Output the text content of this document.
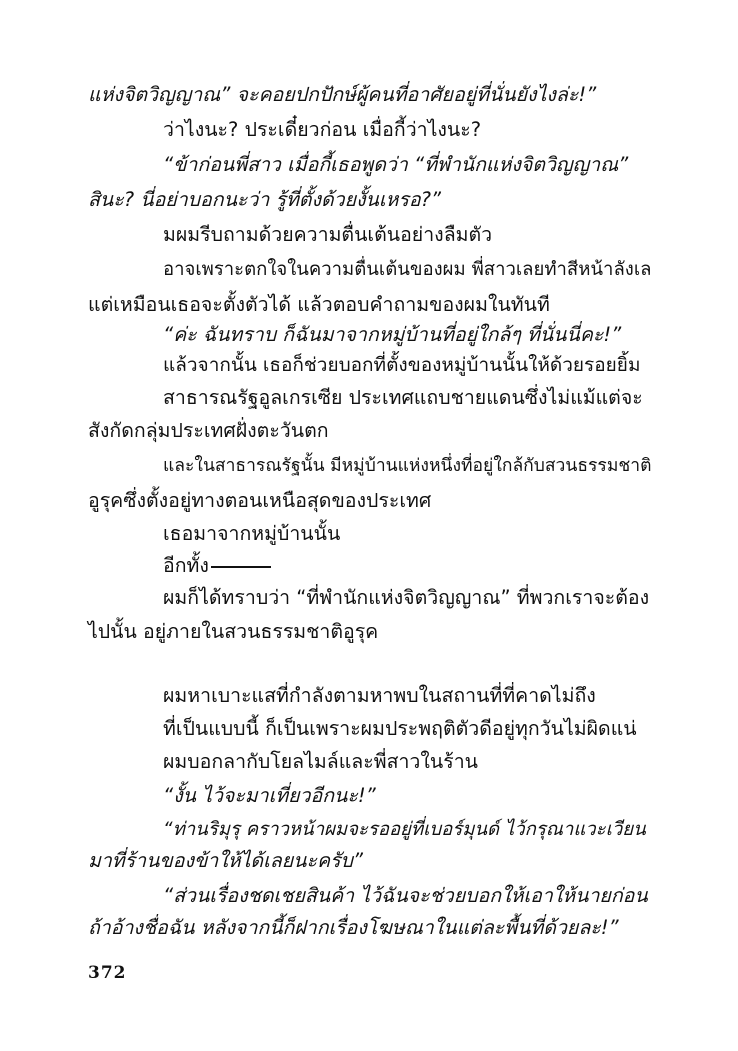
แห่งจิตวิญญาณ” จะคอยปกปักษ์ผู้คนที่อาศัยอยู่ที่นั่นยังไงล่ะ!”
ว่าไงนะ? ประเดี๋ยวก่อน เมื่อกี้ว่าไงนะ?
“ข้าก่อนพี่สาว เมื่อกี้เธอพูดว่า “ที่พำนักแห่งจิตวิญญาณ”
สินะ? นี่อย่าบอกนะว่า รู้ที่ตั้งด้วยงั้นเหรอ?”
มผมรีบถามด้วยความตื่นเต้นอย่างลืมตัว
อาจเพราะตกใจในความตื่นเต้นของผม พี่สาวเลยทำสีหน้าลังเล
แต่เหมือนเธอจะตั้งตัวได้ แล้วตอบคำถามของผมในทันที
“ค่ะ ฉันทราบ ก็ฉันมาจากหมู่บ้านที่อยู่ใกล้ๆ ที่นั่นนี่คะ!”
แล้วจากนั้น เธอก็ช่วยบอกที่ตั้งของหมู่บ้านนั้นให้ด้วยรอยยิ้ม
สาธารณรัฐอูลเกรเซีย ประเทศแถบชายแดนซึ่งไม่แม้แต่จะ
สังกัดกลุ่มประเทศฝั่งตะวันตก
และในสาธารณรัฐนั้น มีหมู่บ้านแห่งหนึ่งที่อยู่ใกล้กับสวนธรรมชาติ
อูรุคซึ่งตั้งอยู่ทางตอนเหนือสุดของประเทศ
เธอมาจากหมู่บ้านนั้น
อีกทั้ง
ผมก็ได้ทราบว่า “ที่พำนักแห่งจิตวิญญาณ” ที่พวกเราจะต้อง
ไปนั้น อยู่ภายในสวนธรรมชาติอูรุค
ผมหาเบาะแสที่กำลังตามหาพบในสถานที่ที่คาดไม่ถึง
ที่เป็นแบบนี้ ก็เป็นเพราะผมประพฤติตัวดีอยู่ทุกวันไม่ผิดแน่
ผมบอกลากับโยลไมล์และพี่สาวในร้าน
“งั้น ไว้จะมาเที่ยวอีกนะ!”
“ท่านริมุรุ คราวหน้าผมจะรออยู่ที่เบอร์มุนด์ ไว้กรุณาแวะเวียน
มาที่ร้านของข้าให้ได้เลยนะครับ”
“ส่วนเรื่องชดเชยสินค้า ไว้ฉันจะช่วยบอกให้เอาให้นายก่อน
ถ้าอ้างชื่อฉัน หลังจากนี้ก็ฝากเรื่องโฆษณาในแต่ละพื้นที่ด้วยละ!”
372
